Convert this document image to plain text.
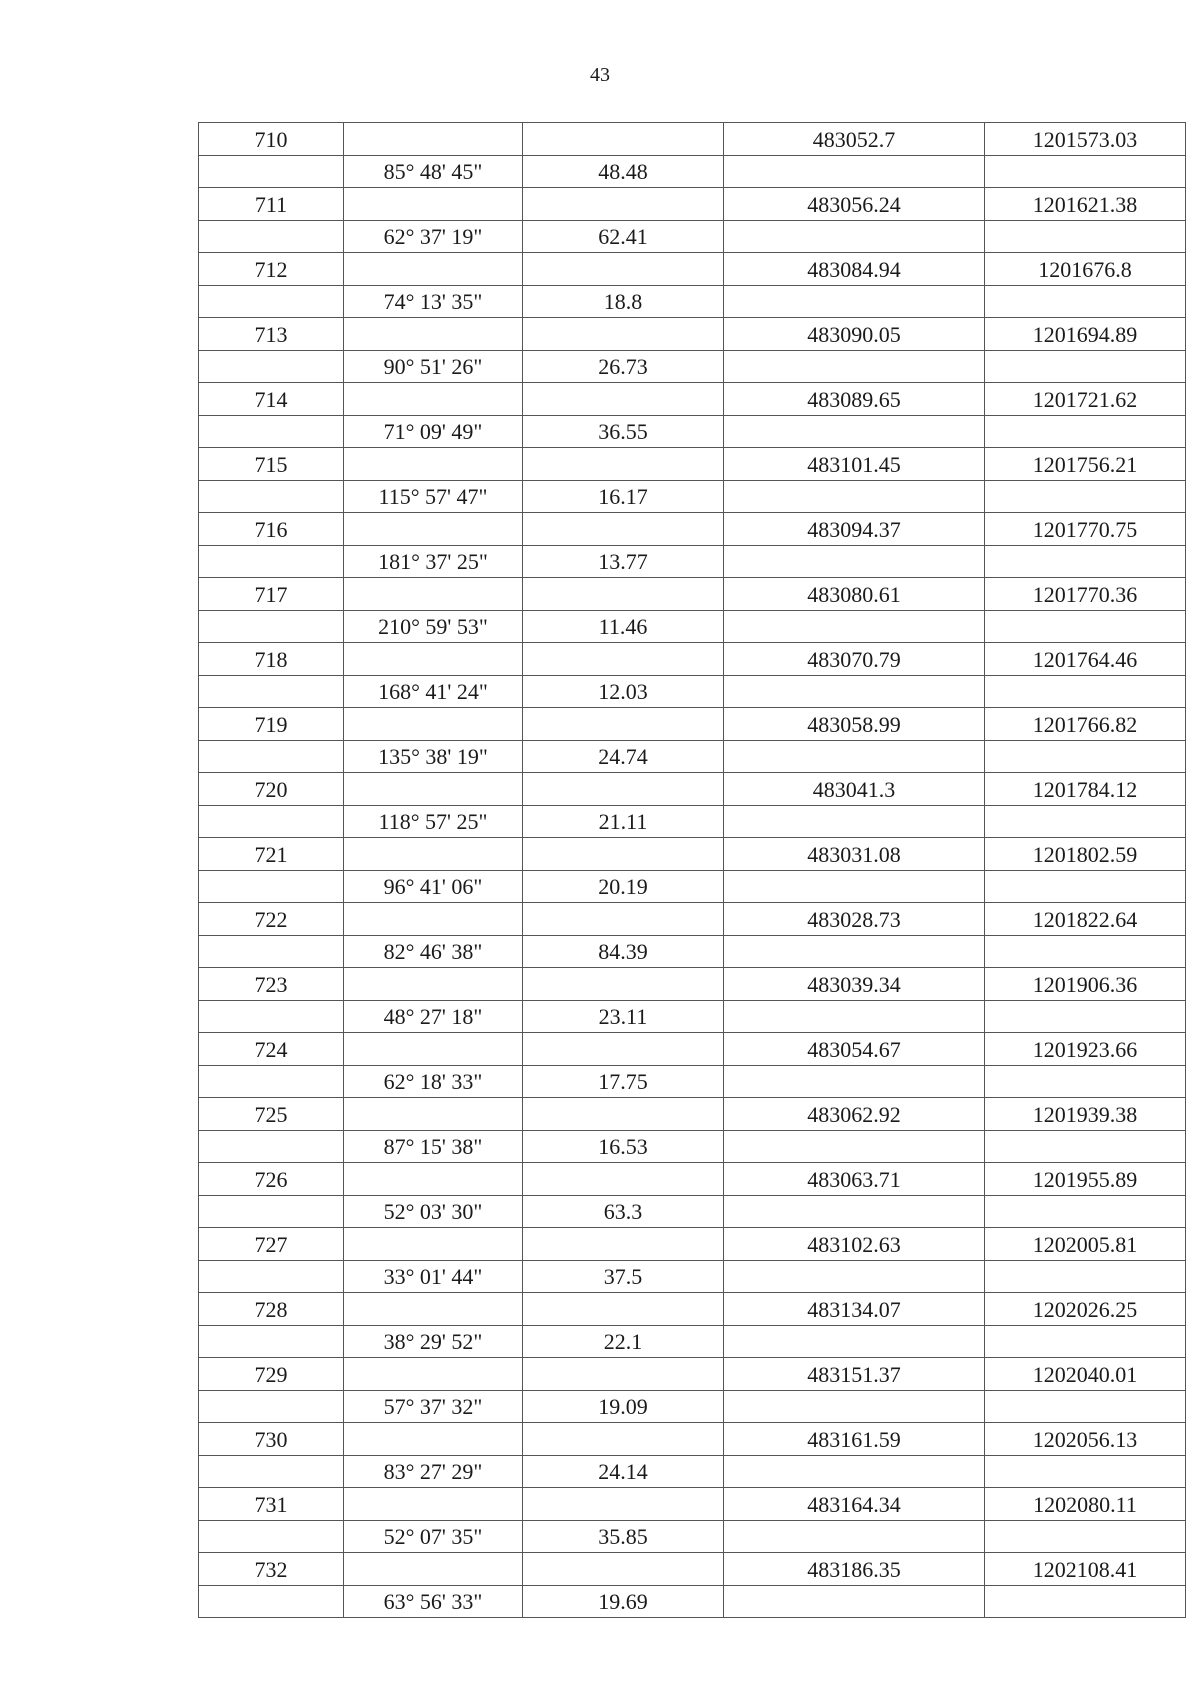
43
710			483052.7	1201573.03
	85° 48' 45"	48.48		
711			483056.24	1201621.38
	62° 37' 19"	62.41		
712			483084.94	1201676.8
	74° 13' 35"	18.8		
713			483090.05	1201694.89
	90° 51' 26"	26.73		
714			483089.65	1201721.62
	71° 09' 49"	36.55		
715			483101.45	1201756.21
	115° 57' 47"	16.17		
716			483094.37	1201770.75
	181° 37' 25"	13.77		
717			483080.61	1201770.36
	210° 59' 53"	11.46		
718			483070.79	1201764.46
	168° 41' 24"	12.03		
719			483058.99	1201766.82
	135° 38' 19"	24.74		
720			483041.3	1201784.12
	118° 57' 25"	21.11		
721			483031.08	1201802.59
	96° 41' 06"	20.19		
722			483028.73	1201822.64
	82° 46' 38"	84.39		
723			483039.34	1201906.36
	48° 27' 18"	23.11		
724			483054.67	1201923.66
	62° 18' 33"	17.75		
725			483062.92	1201939.38
	87° 15' 38"	16.53		
726			483063.71	1201955.89
	52° 03' 30"	63.3		
727			483102.63	1202005.81
	33° 01' 44"	37.5		
728			483134.07	1202026.25
	38° 29' 52"	22.1		
729			483151.37	1202040.01
	57° 37' 32"	19.09		
730			483161.59	1202056.13
	83° 27' 29"	24.14		
731			483164.34	1202080.11
	52° 07' 35"	35.85		
732			483186.35	1202108.41
	63° 56' 33"	19.69		
